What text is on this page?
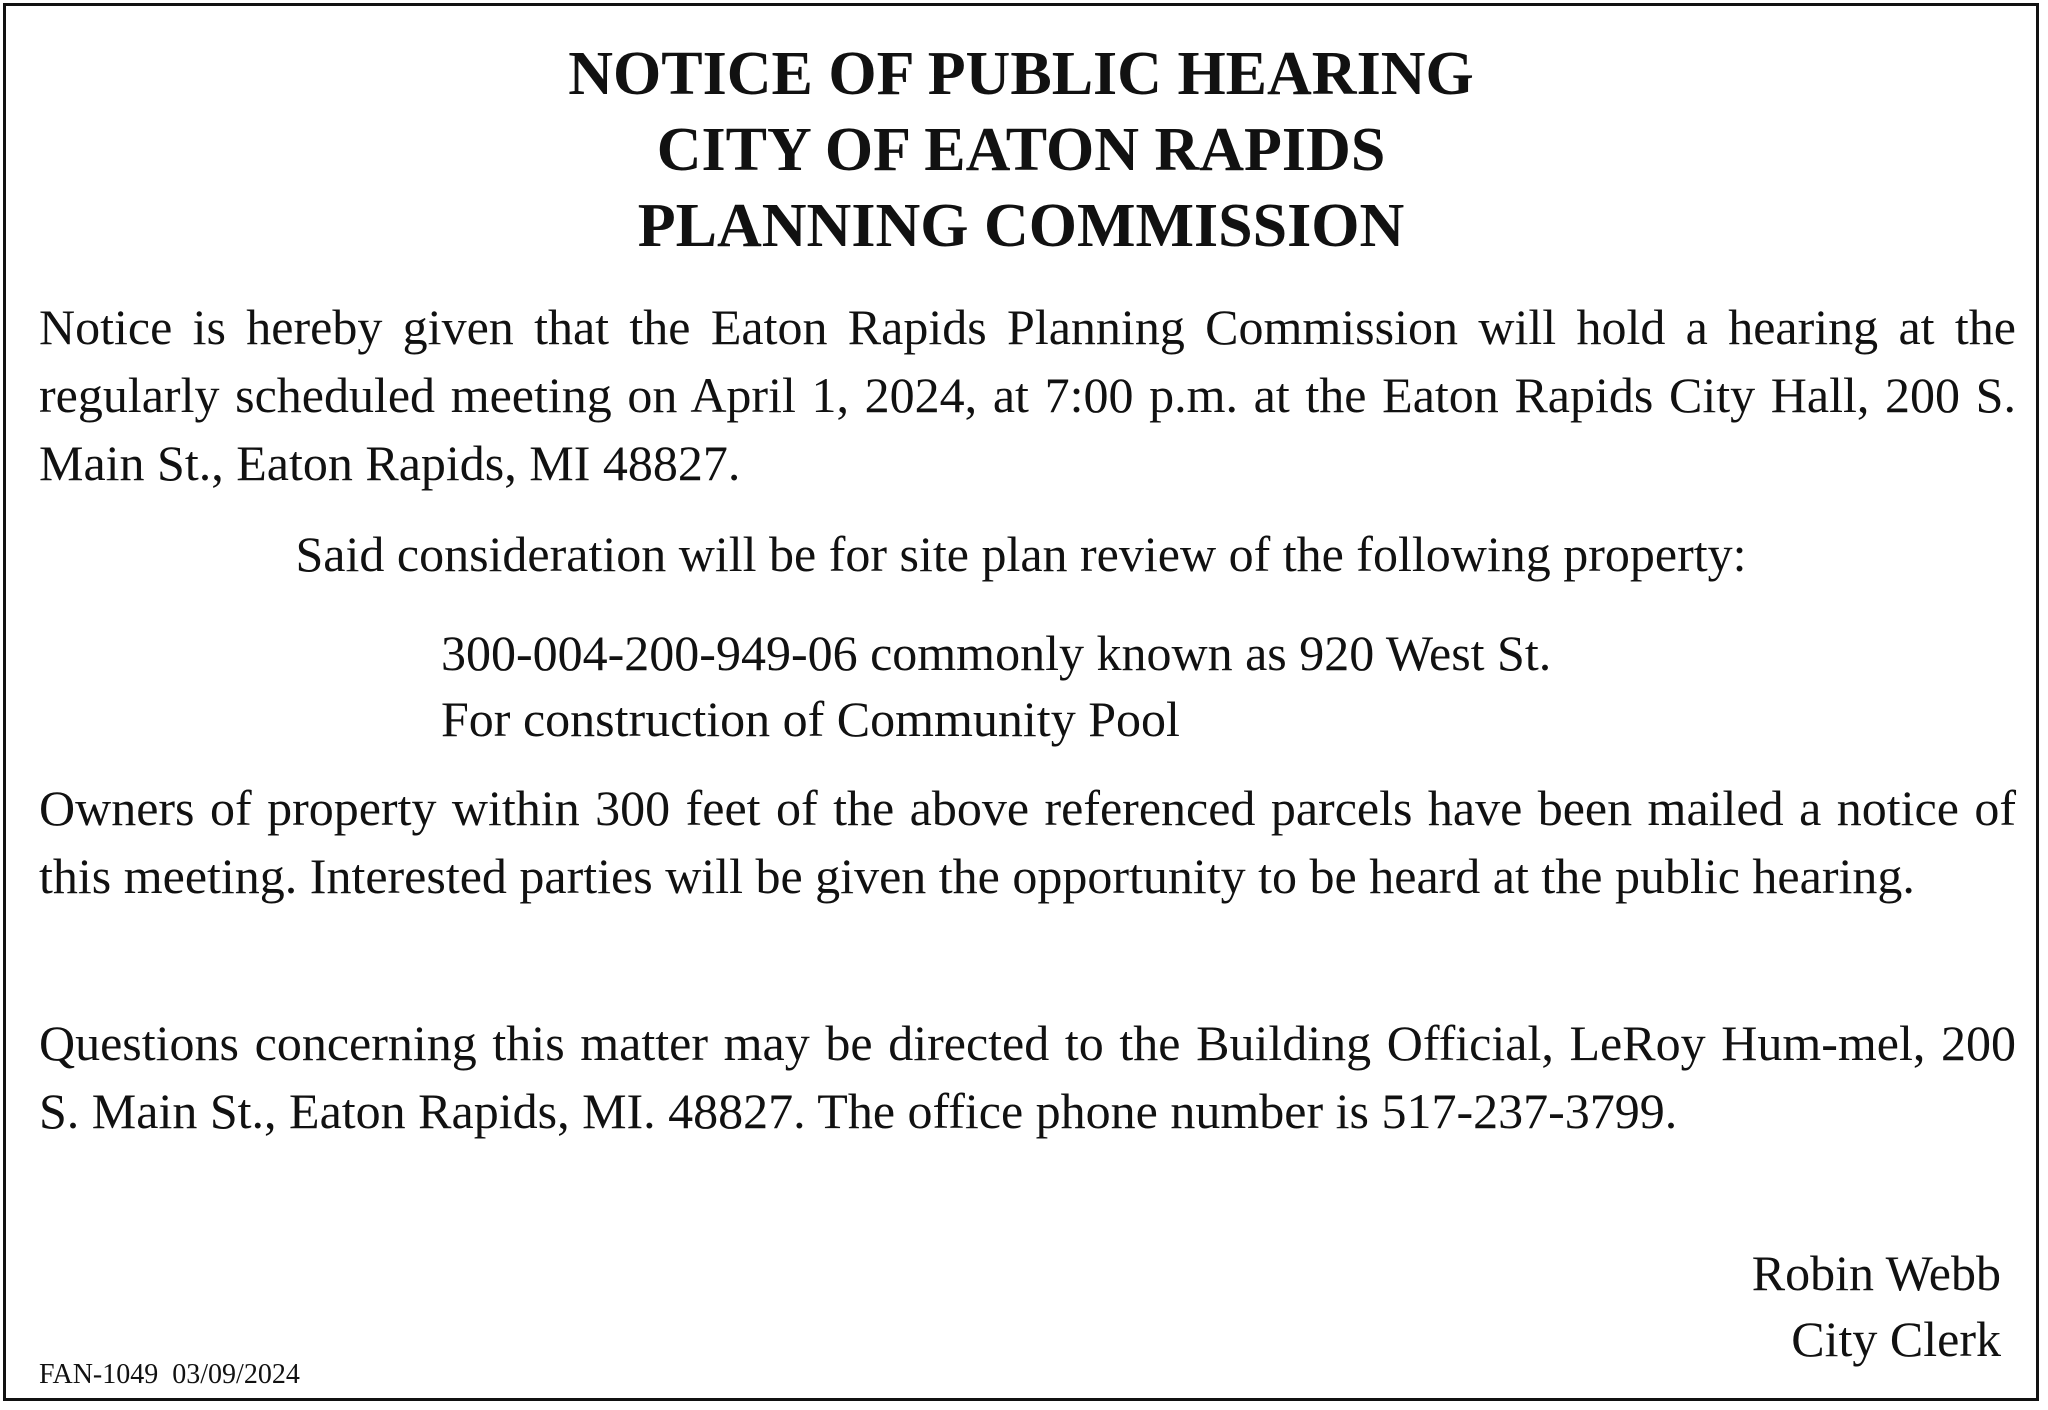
NOTICE OF PUBLIC HEARING
CITY OF EATON RAPIDS
PLANNING COMMISSION
Notice is hereby given that the Eaton Rapids Planning Commission will hold a hearing at the regularly scheduled meeting on April 1, 2024, at 7:00 p.m. at the Eaton Rapids City Hall, 200 S. Main St., Eaton Rapids, MI 48827.
Said consideration will be for site plan review of the following property:
300-004-200-949-06 commonly known as 920 West St.
For construction of Community Pool
Owners of property within 300 feet of the above referenced parcels have been mailed a notice of this meeting. Interested parties will be given the opportunity to be heard at the public hearing.
Questions concerning this matter may be directed to the Building Official, LeRoy Hum-mel, 200 S. Main St., Eaton Rapids, MI. 48827. The office phone number is 517-237-3799.
Robin Webb
City Clerk
FAN-1049  03/09/2024
